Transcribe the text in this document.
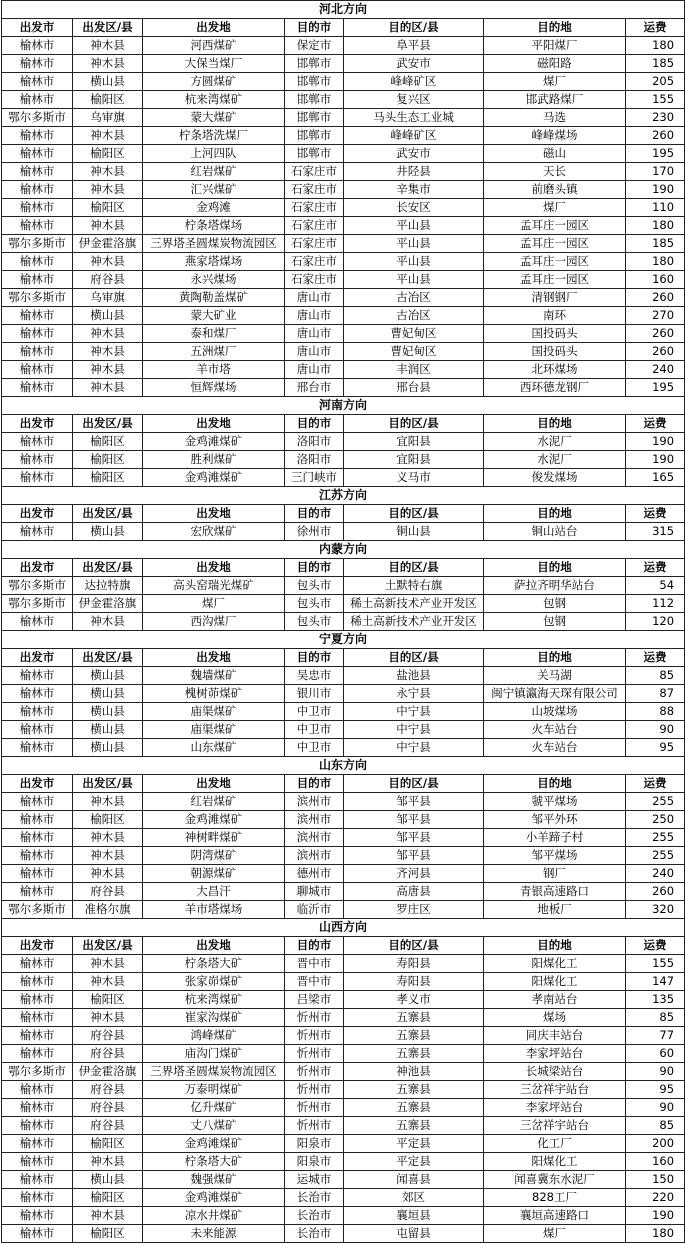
河北方向						
出发市	出发区/县	出发地	目的市	目的区/县	目的地	运费
榆林市	神木县	河西煤矿	保定市	阜平县	平阳煤厂	180
榆林市	神木县	大保当煤厂	邯郸市	武安市	磁阳路	185
榆林市	横山县	方圆煤矿	邯郸市	峰峰矿区	煤厂	205
榆林市	榆阳区	杭来湾煤矿	邯郸市	复兴区	邯武路煤厂	155
鄂尔多斯市	乌审旗	蒙大煤矿	邯郸市	马头生态工业城	马选	230
榆林市	神木县	柠条塔洗煤厂	邯郸市	峰峰矿区	峰峰煤场	260
榆林市	榆阳区	上河四队	邯郸市	武安市	磁山	195
榆林市	神木县	红岩煤矿	石家庄市	井陉县	天长	170
榆林市	神木县	汇兴煤矿	石家庄市	辛集市	前磨头镇	190
榆林市	榆阳区	金鸡滩	石家庄市	长安区	煤厂	110
榆林市	神木县	柠条塔煤场	石家庄市	平山县	孟耳庄一园区	180
鄂尔多斯市	伊金霍洛旗	三界塔圣圆煤炭物流园区	石家庄市	平山县	孟耳庄一园区	185
榆林市	神木县	燕家塔煤场	石家庄市	平山县	孟耳庄一园区	180
榆林市	府谷县	永兴煤场	石家庄市	平山县	孟耳庄一园区	160
鄂尔多斯市	乌审旗	黄陶勒盖煤矿	唐山市	古冶区	清钢钢厂	260
榆林市	横山县	蒙大矿业	唐山市	古冶区	南环	270
榆林市	神木县	泰和煤厂	唐山市	曹妃甸区	国投码头	260
榆林市	神木县	五洲煤厂	唐山市	曹妃甸区	国投码头	260
榆林市	神木县	羊市塔	唐山市	丰润区	北环煤场	240
榆林市	神木县	恒辉煤场	邢台市	邢台县	西环德龙钢厂	195
河南方向						
出发市	出发区/县	出发地	目的市	目的区/县	目的地	运费
榆林市	榆阳区	金鸡滩煤矿	洛阳市	宜阳县	水泥厂	190
榆林市	榆阳区	胜利煤矿	洛阳市	宜阳县	水泥厂	190
榆林市	榆阳区	金鸡滩煤矿	三门峡市	义马市	俊发煤场	165
江苏方向						
出发市	出发区/县	出发地	目的市	目的区/县	目的地	运费
榆林市	横山县	宏欣煤矿	徐州市	铜山县	铜山站台	315
内蒙方向						
出发市	出发区/县	出发地	目的市	目的区/县	目的地	运费
鄂尔多斯市	达拉特旗	高头窑瑞光煤矿	包头市	土默特右旗	萨拉齐明华站台	54
鄂尔多斯市	伊金霍洛旗	煤厂	包头市	稀土高新技术产业开发区	包钢	112
榆林市	神木县	西沟煤厂	包头市	稀土高新技术产业开发区	包钢	120
宁夏方向						
出发市	出发区/县	出发地	目的市	目的区/县	目的地	运费
榆林市	横山县	魏墙煤矿	吴忠市	盐池县	关马湖	85
榆林市	横山县	槐树茆煤矿	银川市	永宁县	闽宁镇瀛海天琛有限公司	87
榆林市	横山县	庙渠煤矿	中卫市	中宁县	山坡煤场	88
榆林市	横山县	庙渠煤矿	中卫市	中宁县	火车站台	90
榆林市	横山县	山东煤矿	中卫市	中宁县	火车站台	95
山东方向						
出发市	出发区/县	出发地	目的市	目的区/县	目的地	运费
榆林市	神木县	红岩煤矿	滨州市	邹平县	虢平煤场	255
榆林市	榆阳区	金鸡滩煤矿	滨州市	邹平县	邹平外环	250
榆林市	神木县	神树畔煤矿	滨州市	邹平县	小羊蹄子村	255
榆林市	神木县	阴湾煤矿	滨州市	邹平县	邹平煤场	255
榆林市	神木县	朝源煤矿	德州市	齐河县	钢厂	240
榆林市	府谷县	大昌汗	聊城市	高唐县	青银高速路口	260
鄂尔多斯市	准格尔旗	羊市塔煤场	临沂市	罗庄区	地板厂	320
山西方向						
出发市	出发区/县	出发地	目的市	目的区/县	目的地	运费
榆林市	神木县	柠条塔大矿	晋中市	寿阳县	阳煤化工	155
榆林市	神木县	张家峁煤矿	晋中市	寿阳县	阳煤化工	147
榆林市	榆阳区	杭来湾煤矿	吕梁市	孝义市	孝南站台	135
榆林市	神木县	崔家沟煤矿	忻州市	五寨县	煤场	85
榆林市	府谷县	鸿峰煤矿	忻州市	五寨县	同庆丰站台	77
榆林市	府谷县	庙沟门煤矿	忻州市	五寨县	李家坪站台	60
鄂尔多斯市	伊金霍洛旗	三界塔圣圆煤炭物流园区	忻州市	神池县	长城梁站台	90
榆林市	府谷县	万泰明煤矿	忻州市	五寨县	三岔祥宇站台	95
榆林市	府谷县	亿升煤矿	忻州市	五寨县	李家坪站台	90
榆林市	府谷县	丈八煤矿	忻州市	五寨县	三岔祥宇站台	85
榆林市	榆阳区	金鸡滩煤矿	阳泉市	平定县	化工厂	200
榆林市	神木县	柠条塔大矿	阳泉市	平定县	阳煤化工	160
榆林市	横山县	魏强煤矿	运城市	闻喜县	闻喜冀东水泥厂	150
榆林市	榆阳区	金鸡滩煤矿	长治市	郊区	828工厂	220
榆林市	神木县	凉水井煤矿	长治市	襄垣县	襄垣高速路口	190
榆林市	榆阳区	未来能源	长治市	屯留县	煤厂	180
